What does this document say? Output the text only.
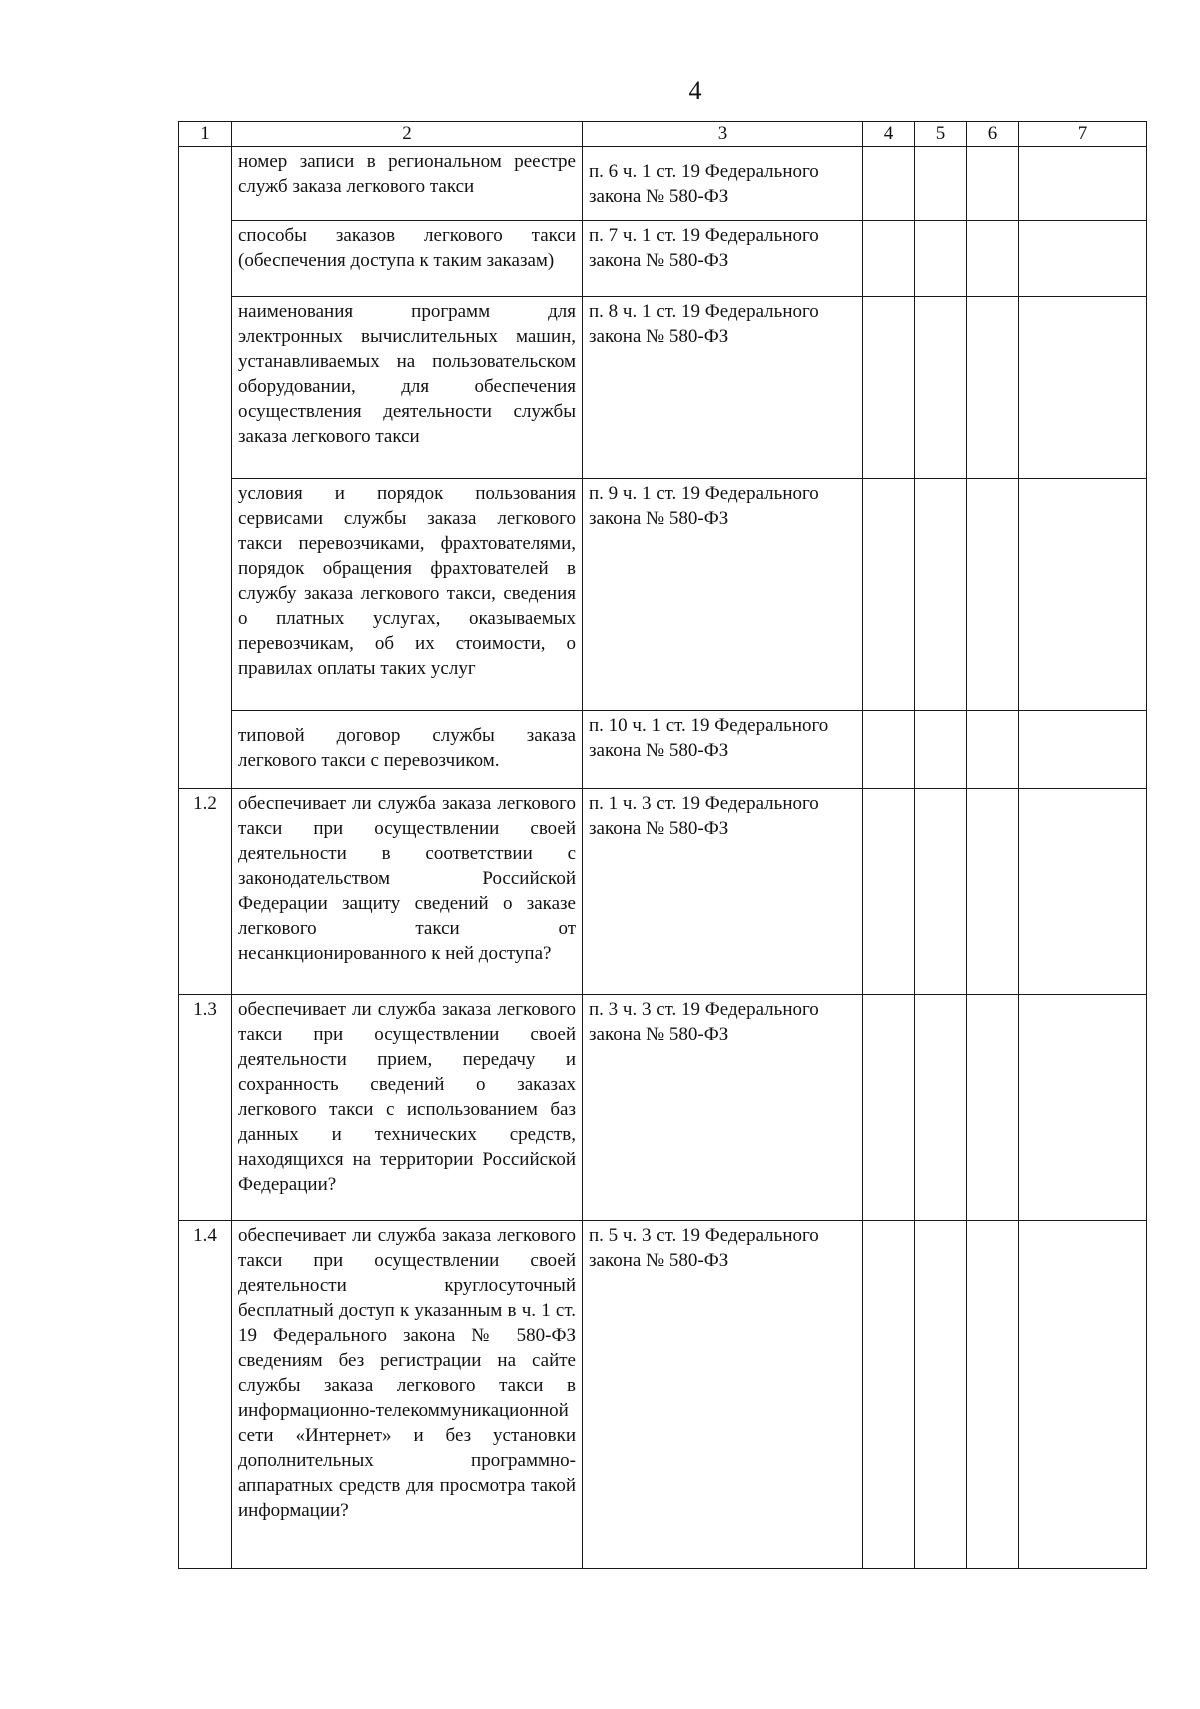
4
1	2	3	4	5	6	7
	номер записи в региональном реестре служб заказа легкового такси	п. 6 ч. 1 ст. 19 Федерального закона № 580-ФЗ				
	способы заказов легкового такси (обеспечения доступа к таким заказам)	п. 7 ч. 1 ст. 19 Федерального закона № 580-ФЗ				
	наименования программ для электронных вычислительных машин, устанавливаемых на пользовательском оборудовании, для обеспечения осуществления деятельности службы заказа легкового такси	п. 8 ч. 1 ст. 19 Федерального закона № 580-ФЗ				
	условия и порядок пользования сервисами службы заказа легкового такси перевозчиками, фрахтователями, порядок обращения фрахтователей в службу заказа легкового такси, сведения о платных услугах, оказываемых перевозчикам, об их стоимости, о правилах оплаты таких услуг	п. 9 ч. 1 ст. 19 Федерального закона № 580-ФЗ				
	типовой договор службы заказа легкового такси с перевозчиком.	п. 10 ч. 1 ст. 19 Федерального закона № 580-ФЗ				
1.2	обеспечивает ли служба заказа легкового такси при осуществлении своей деятельности в соответствии с законодательством Российской Федерации защиту сведений о заказе легкового такси от несанкционированного к ней доступа?	п. 1 ч. 3 ст. 19 Федерального закона № 580-ФЗ				
1.3	обеспечивает ли служба заказа легкового такси при осуществлении своей деятельности прием, передачу и сохранность сведений о заказах легкового такси с использованием баз данных и технических средств, находящихся на территории Российской Федерации?	п. 3 ч. 3 ст. 19 Федерального закона № 580-ФЗ				
1.4	обеспечивает ли служба заказа легкового такси при осуществлении своей деятельности круглосуточный бесплатный доступ к указанным в ч. 1 ст. 19 Федерального закона № 580-ФЗ сведениям без регистрации на сайте службы заказа легкового такси в информационно-телекоммуникационной сети «Интернет» и без установки дополнительных программно-аппаратных средств для просмотра такой информации?	п. 5 ч. 3 ст. 19 Федерального закона № 580-ФЗ				
